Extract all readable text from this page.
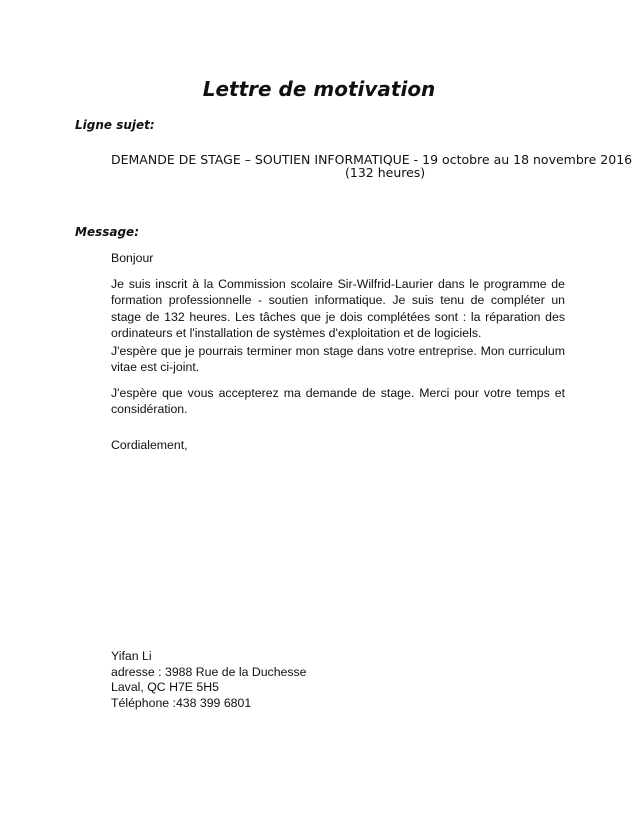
Lettre de motivation
Ligne sujet:
DEMANDE DE STAGE – SOUTIEN INFORMATIQUE - 19 octobre au 18 novembre 2016
(132 heures)
Message:

Bonjour

Je suis inscrit à la Commission scolaire Sir-Wilfrid-Laurier dans le programme de formation professionnelle - soutien informatique. Je suis tenu de compléter un stage de 132 heures. Les tâches que je dois complétées sont : la réparation des ordinateurs et l'installation de systèmes d'exploitation et de logiciels.

J'espère que je pourrais terminer mon stage dans votre entreprise. Mon curriculum vitae est ci-joint.

J'espère que vous accepterez ma demande de stage. Merci pour votre temps et considération.

Cordialement,

Yifan Li
adresse : 3988 Rue de la Duchesse
Laval, QC H7E 5H5
Téléphone :438 399 6801
